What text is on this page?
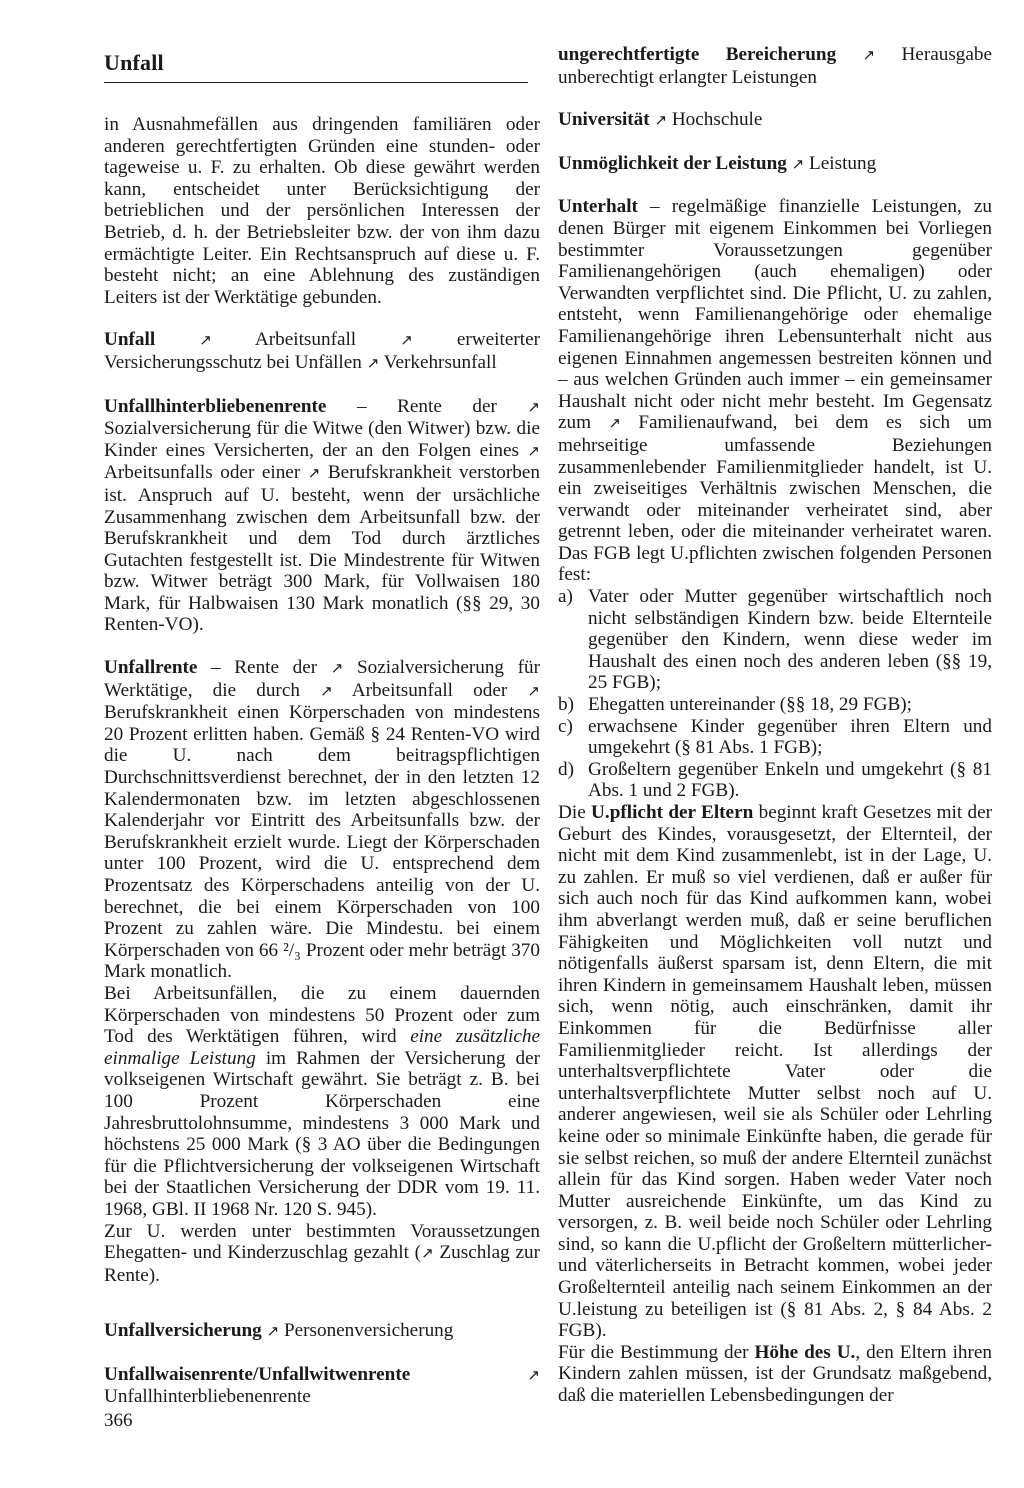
Unfall

in Ausnahmefällen aus dringenden familiären oder anderen gerechtfertigten Gründen eine stunden- oder tageweise u. F. zu erhalten. Ob diese gewährt werden kann, entscheidet unter Berücksichtigung der betrieblichen und der persönlichen Interessen der Betrieb, d. h. der Betriebsleiter bzw. der von ihm dazu ermächtigte Leiter. Ein Rechtsanspruch auf diese u. F. besteht nicht; an eine Ablehnung des zuständigen Leiters ist der Werktätige gebunden.

Unfall	↗ Arbeitsunfall	↗ erweiterter Versicherungsschutz bei Unfällen ↗ Verkehrsunfall

Unfallhinterbliebenenrente – Rente der ↗ Sozialversicherung für die Witwe (den Witwer) bzw. die Kinder eines Versicherten, der an den Folgen eines ↗ Arbeitsunfalls oder einer ↗ Berufskrankheit verstorben ist. Anspruch auf U. besteht, wenn der ursächliche Zusammenhang zwischen dem Arbeitsunfall bzw. der Berufskrankheit und dem Tod durch ärztliches Gutachten festgestellt ist. Die Mindestrente für Witwen bzw. Witwer beträgt 300 Mark, für Vollwaisen 180 Mark, für Halbwaisen 130 Mark monatlich (§§ 29, 30 Renten-VO).

Unfallrente – Rente der ↗ Sozialversicherung für Werktätige, die durch ↗ Arbeitsunfall oder ↗ Berufskrankheit einen Körperschaden von mindestens 20 Prozent erlitten haben. Gemäß § 24 Renten-VO wird die U. nach dem beitragspflichtigen Durchschnittsverdienst berechnet, der in den letzten 12 Kalendermonaten bzw. im letzten abgeschlossenen Kalenderjahr vor Eintritt des Arbeitsunfalls bzw. der Berufskrankheit erzielt wurde. Liegt der Körperschaden unter 100 Prozent, wird die U. entsprechend dem Prozentsatz des Körperschadens anteilig von der U. berechnet, die bei einem Körperschaden von 100 Prozent zu zahlen wäre. Die Mindestu. bei einem Körperschaden von 66 ²/₃ Prozent oder mehr beträgt 370 Mark monatlich.

Bei Arbeitsunfällen, die zu einem dauernden Körperschaden von mindestens 50 Prozent oder zum Tod des Werktätigen führen, wird eine zusätzliche einmalige Leistung im Rahmen der Versicherung der volkseigenen Wirtschaft gewährt. Sie beträgt z. B. bei 100 Prozent Körperschaden eine Jahresbruttolohnsumme, mindestens 3 000 Mark und höchstens 25 000 Mark (§ 3 AO über die Bedingungen für die Pflichtversicherung der volkseigenen Wirtschaft bei der Staatlichen Versicherung der DDR vom 19. 11. 1968, GBl. II 1968 Nr. 120 S. 945).

Zur U. werden unter bestimmten Voraussetzungen Ehegatten- und Kinderzuschlag gezahlt (↗ Zuschlag zur Rente).

Unfallversicherung ↗ Personenversicherung

Unfallwaisenrente/Unfallwitwenrente	↗ Unfallhinterbliebenenrente

ungerechtfertigte Bereicherung ↗ Herausgabe unberechtigt erlangter Leistungen

Universität ↗ Hochschule

Unmöglichkeit der Leistung ↗ Leistung

Unterhalt – regelmäßige finanzielle Leistungen, zu denen Bürger mit eigenem Einkommen bei Vorliegen bestimmter Voraussetzungen gegenüber Familienangehörigen (auch ehemaligen) oder Verwandten verpflichtet sind. Die Pflicht, U. zu zahlen, entsteht, wenn Familienangehörige oder ehemalige Familienangehörige ihren Lebensunterhalt nicht aus eigenen Einnahmen angemessen bestreiten können und – aus welchen Gründen auch immer – ein gemeinsamer Haushalt nicht oder nicht mehr besteht. Im Gegensatz zum ↗ Familienaufwand, bei dem es sich um mehrseitige umfassende Beziehungen zusammenlebender Familienmitglieder handelt, ist U. ein zweiseitiges Verhältnis zwischen Menschen, die verwandt oder miteinander verheiratet sind, aber getrennt leben, oder die miteinander verheiratet waren. Das FGB legt U.pflichten zwischen folgenden Personen fest:

a) Vater oder Mutter gegenüber wirtschaftlich noch nicht selbständigen Kindern bzw. beide Elternteile gegenüber den Kindern, wenn diese weder im Haushalt des einen noch des anderen leben (§§ 19, 25 FGB);
b) Ehegatten untereinander (§§ 18, 29 FGB);
c) erwachsene Kinder gegenüber ihren Eltern und umgekehrt (§ 81 Abs. 1 FGB);
d) Großeltern gegenüber Enkeln und umgekehrt (§ 81 Abs. 1 und 2 FGB).

Die U.pflicht der Eltern beginnt kraft Gesetzes mit der Geburt des Kindes, vorausgesetzt, der Elternteil, der nicht mit dem Kind zusammenlebt, ist in der Lage, U. zu zahlen. Er muß so viel verdienen, daß er außer für sich auch noch für das Kind aufkommen kann, wobei ihm abverlangt werden muß, daß er seine beruflichen Fähigkeiten und Möglichkeiten voll nutzt und nötigenfalls äußerst sparsam ist, denn Eltern, die mit ihren Kindern in gemeinsamem Haushalt leben, müssen sich, wenn nötig, auch einschränken, damit ihr Einkommen für die Bedürfnisse aller Familienmitglieder reicht. Ist allerdings der unterhaltsverpflichtete Vater oder die unterhaltsverpflichtete Mutter selbst noch auf U. anderer angewiesen, weil sie als Schüler oder Lehrling keine oder so minimale Einkünfte haben, die gerade für sie selbst reichen, so muß der andere Elternteil zunächst allein für das Kind sorgen. Haben weder Vater noch Mutter ausreichende Einkünfte, um das Kind zu versorgen, z. B. weil beide noch Schüler oder Lehrling sind, so kann die U.pflicht der Großeltern mütterlicher- und väterlicherseits in Betracht kommen, wobei jeder Großelternteil anteilig nach seinem Einkommen an der U.leistung zu beteiligen ist (§ 81 Abs. 2, § 84 Abs. 2 FGB).

Für die Bestimmung der Höhe des U., den Eltern ihren Kindern zahlen müssen, ist der Grundsatz maßgebend, daß die materiellen Lebensbedingungen der

366
